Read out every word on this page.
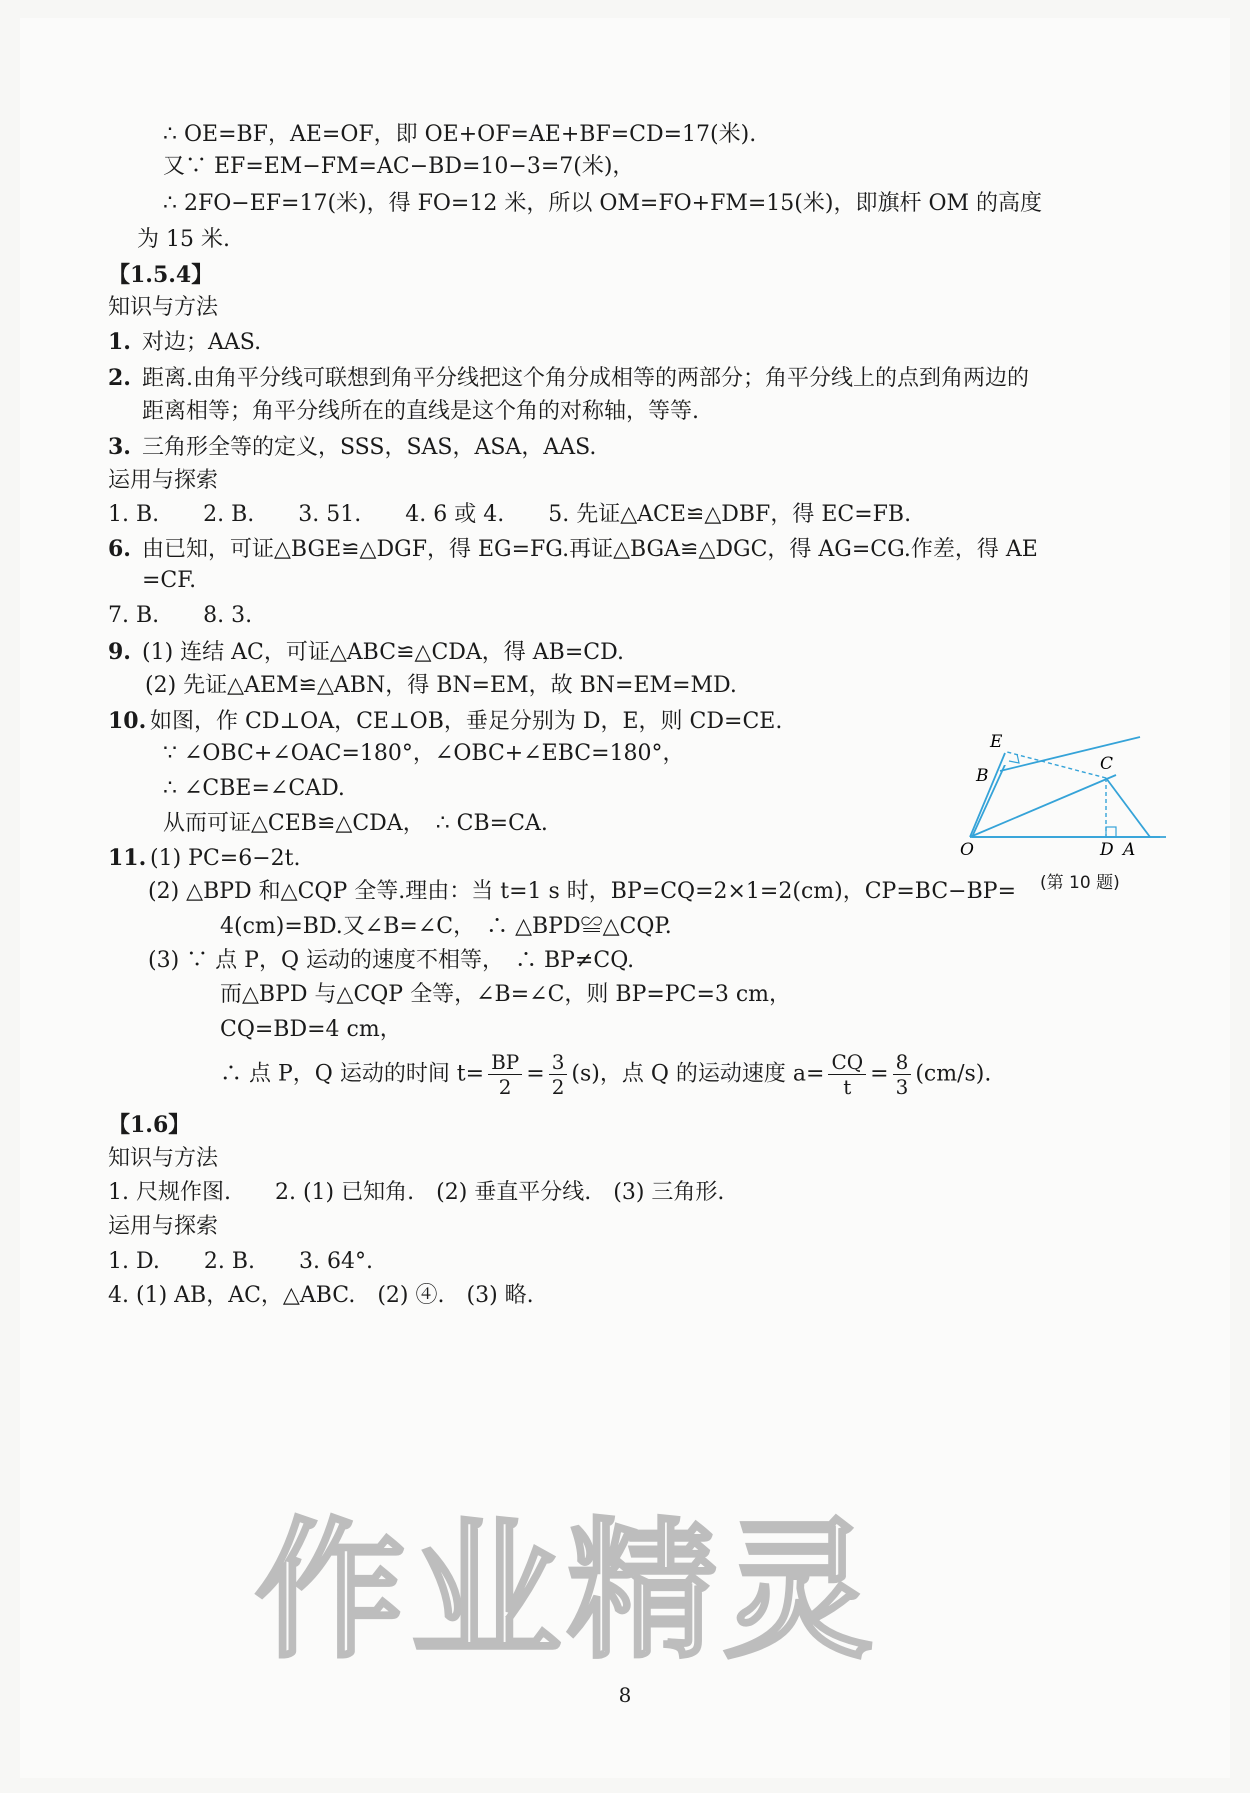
∴ OE=BF，AE=OF，即 OE+OF=AE+BF=CD=17(米).
又∵ EF=EM−FM=AC−BD=10−3=7(米)，
∴ 2FO−EF=17(米)，得 FO=12 米，所以 OM=FO+FM=15(米)，即旗杆 OM 的高度
为 15 米.
【1.5.4】
知识与方法
1. 对边；AAS.
2. 距离.由角平分线可联想到角平分线把这个角分成相等的两部分；角平分线上的点到角两边的
距离相等；角平分线所在的直线是这个角的对称轴，等等.
3. 三角形全等的定义，SSS，SAS，ASA，AAS.
运用与探索
1. B.　　2. B.　　3. 51.　　4. 6 或 4.　　5. 先证△ACE≌△DBF，得 EC=FB.
6. 由已知，可证△BGE≌△DGF，得 EG=FG.再证△BGA≌△DGC，得 AG=CG.作差，得 AE
=CF.
7. B.　　8. 3.
9. (1) 连结 AC，可证△ABC≌△CDA，得 AB=CD.
(2) 先证△AEM≌△ABN，得 BN=EM，故 BN=EM=MD.
10. 如图，作 CD⊥OA，CE⊥OB，垂足分别为 D，E，则 CD=CE.
∵ ∠OBC+∠OAC=180°，∠OBC+∠EBC=180°，
∴ ∠CBE=∠CAD.
从而可证△CEB≌△CDA，　∴ CB=CA.
11. (1) PC=6−2t.
(2) △BPD 和△CQP 全等.理由：当 t=1 s 时，BP=CQ=2×1=2(cm)，CP=BC−BP=
4(cm)=BD.又∠B=∠C，　∴ △BPD≌△CQP.
(3) ∵ 点 P，Q 运动的速度不相等，　∴ BP≠CQ.
而△BPD 与△CQP 全等，∠B=∠C，则 BP=PC=3 cm，
CQ=BD=4 cm，
∴ 点 P，Q 运动的时间 $t= \frac{BP}{2} = \frac{3}{2} (s)$，点 Q 的运动速度 $a= \frac{CQ}{t} = \frac{8}{3} (cm/s)$.
【1.6】
知识与方法
1. 尺规作图.　　2. (1) 已知角.　(2) 垂直平分线.　(3) 三角形.
运用与探索
1. D.　　2. B.　　3. 64°.
4. (1) AB，AC，△ABC.　(2) ④.　(3) 略.
E
B
C
O	D A
(第 10 题)
作业精灵
8
